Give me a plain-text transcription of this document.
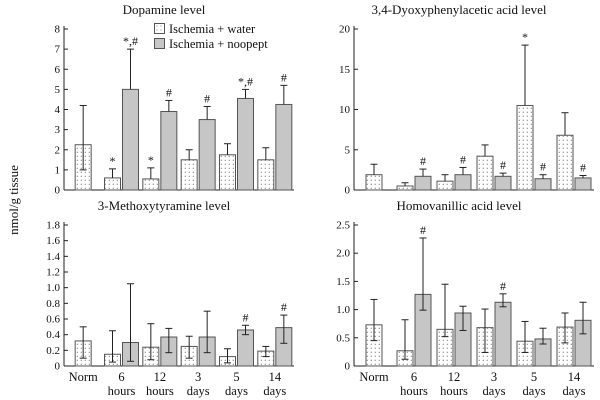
nmol/g tissue
Dopamine level
0
1
2
3
4
5
6
7
8
*
*,#
*
#	#
*,# #
Ischemia + water
Ischemia + noopept
3,4-Dyoxyphenylacetic acid level
0
5
10
15
20
#	#	#
*
#	#
3-Methoxytyramine level
0
0.2
0.4
0.6
0.8
1.0
1.2
1.4
1.6
1.8
Norm 6
hours
12
hours
3
days
#
5
days
#
14
days
Homovanillic acid level
0
0.5
1.0
1.5
2.0
2.5
Norm
#
6
hours
12
hours
#
3
days
5
days
14
days
